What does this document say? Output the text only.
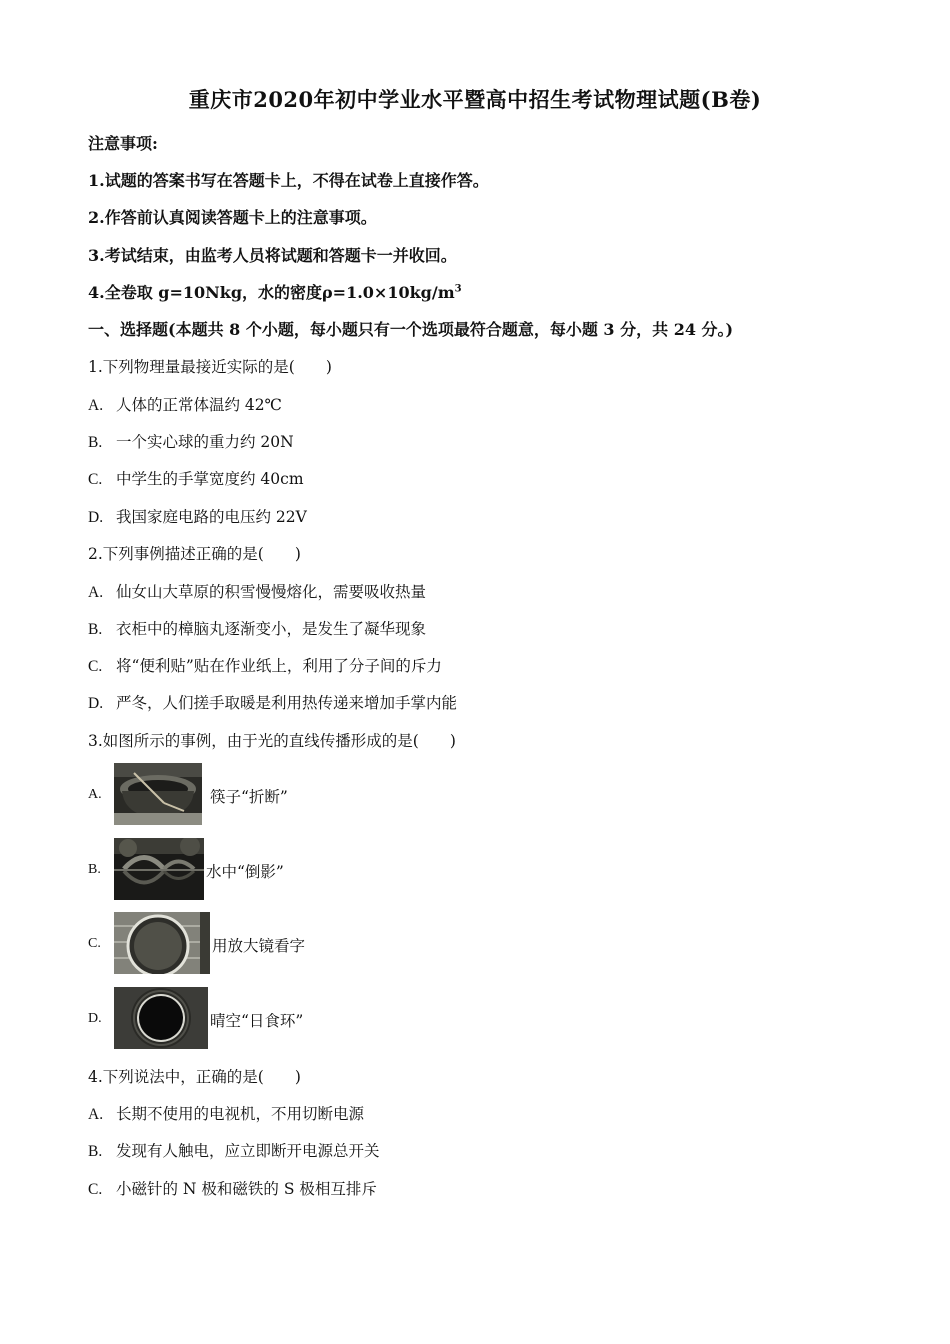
重庆市2020年初中学业水平暨高中招生考试物理试题(B卷)
注意事项:
1.试题的答案书写在答题卡上，不得在试卷上直接作答。
2.作答前认真阅读答题卡上的注意事项。
3.考试结束，由监考人员将试题和答题卡一并收回。
4.全卷取 g=10Nkg，水的密度$\rho=1.0\times 10kg/m^3$
一、选择题(本题共 8 个小题，每小题只有一个选项最符合题意，每小题 3 分，共 24 分。)
1.下列物理量最接近实际的是(　　)
A. 人体的正常体温约 42℃
B. 一个实心球的重力约 20N
C. 中学生的手掌宽度约 40cm
D. 我国家庭电路的电压约 22V
2.下列事例描述正确的是(　　)
A. 仙女山大草原的积雪慢慢熔化，需要吸收热量
B. 衣柜中的樟脑丸逐渐变小，是发生了凝华现象
C. 将“便利贴”贴在作业纸上，利用了分子间的斥力
D. 严冬，人们搓手取暖是利用热传递来增加手掌内能
3.如图所示的事例，由于光的直线传播形成的是(　　)
A.	筷子“折断”
B.	水中“倒影”
C.	用放大镜看字
D.	晴空“日食环”
4.下列说法中，正确的是(　　)
A. 长期不使用的电视机，不用切断电源
B. 发现有人触电，应立即断开电源总开关
C. 小磁针的 N 极和磁铁的 S 极相互排斥
